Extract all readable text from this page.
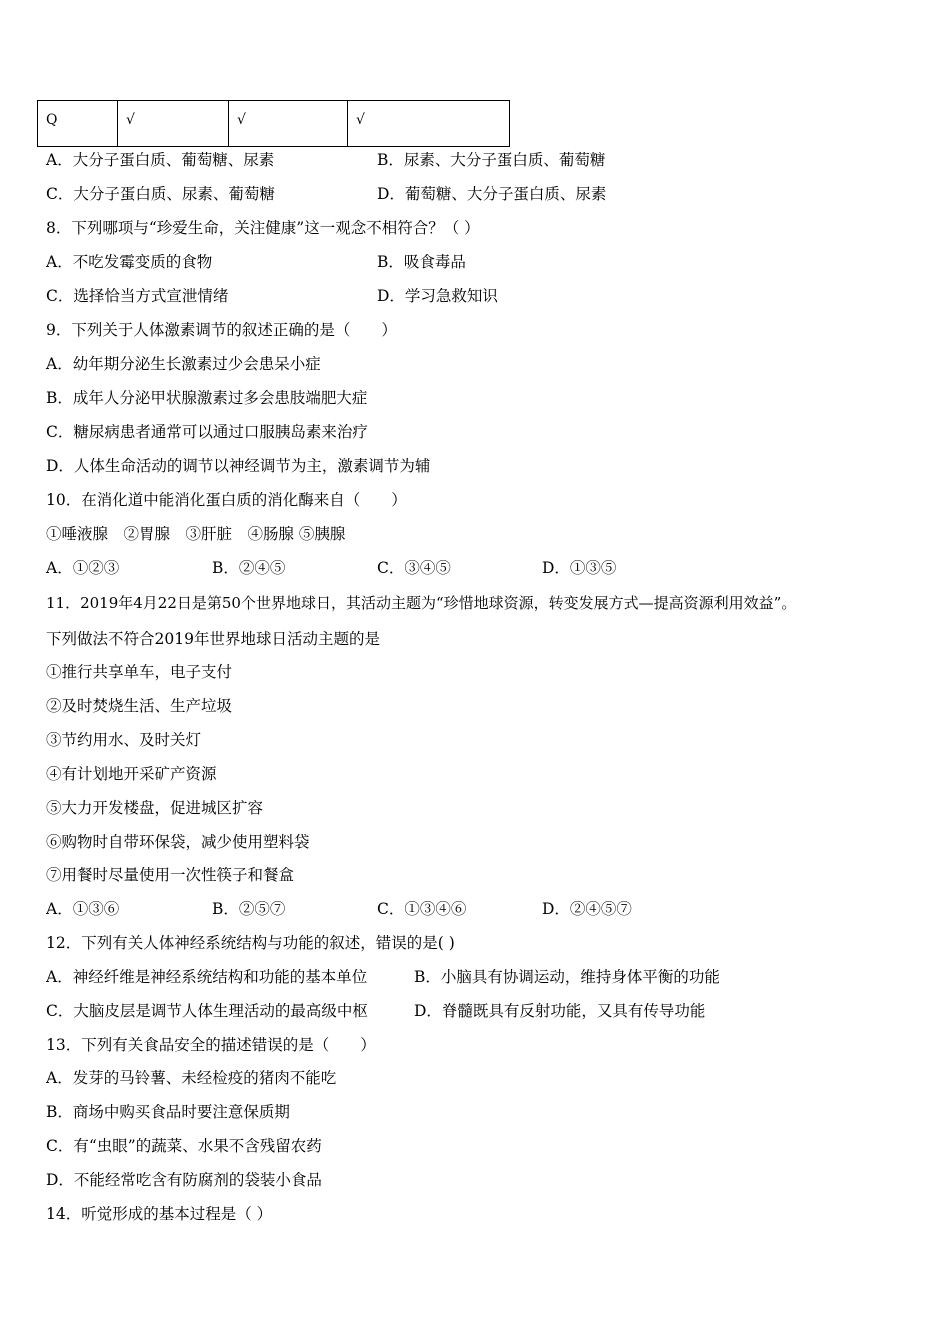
Q	√	√	√
A．大分子蛋白质、葡萄糖、尿素	B．尿素、大分子蛋白质、葡萄糖
C．大分子蛋白质、尿素、葡萄糖	D．葡萄糖、大分子蛋白质、尿素
8．下列哪项与“珍爱生命，关注健康”这一观念不相符合？（ ）
A．不吃发霉变质的食物	B．吸食毒品
C．选择恰当方式宣泄情绪	D．学习急救知识
9．下列关于人体激素调节的叙述正确的是（　　）
A．幼年期分泌生长激素过少会患呆小症
B．成年人分泌甲状腺激素过多会患肢端肥大症
C．糖尿病患者通常可以通过口服胰岛素来治疗
D．人体生命活动的调节以神经调节为主，激素调节为辅
10．在消化道中能消化蛋白质的消化酶来自（　　）
①唾液腺　②胃腺　③肝脏　④肠腺 ⑤胰腺
A．①②③	B．②④⑤	C．③④⑤	D．①③⑤
11．2019年4月22日是第50个世界地球日，其活动主题为“珍惜地球资源，转变发展方式—提高资源利用效益”。
下列做法不符合2019年世界地球日活动主题的是
①推行共享单车，电子支付
②及时焚烧生活、生产垃圾
③节约用水、及时关灯
④有计划地开采矿产资源
⑤大力开发楼盘，促进城区扩容
⑥购物时自带环保袋，减少使用塑料袋
⑦用餐时尽量使用一次性筷子和餐盒
A．①③⑥	B．②⑤⑦	C．①③④⑥	D．②④⑤⑦
12．下列有关人体神经系统结构与功能的叙述，错误的是( )
A．神经纤维是神经系统结构和功能的基本单位	B．小脑具有协调运动，维持身体平衡的功能
C．大脑皮层是调节人体生理活动的最高级中枢	D．脊髓既具有反射功能，又具有传导功能
13．下列有关食品安全的描述错误的是（　　）
A．发芽的马铃薯、未经检疫的猪肉不能吃
B．商场中购买食品时要注意保质期
C．有“虫眼”的蔬菜、水果不含残留农药
D．不能经常吃含有防腐剂的袋装小食品
14．听觉形成的基本过程是（ ）
